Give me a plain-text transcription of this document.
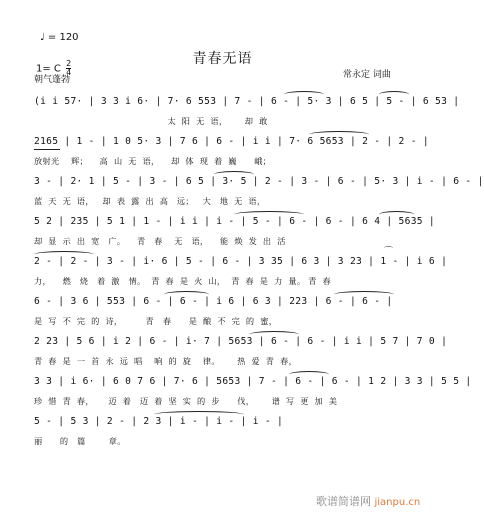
♩ = 120
青春无语
1= C $\frac{2}{4}$
朝气蓬勃	常永定 词曲
(i i 57· | 3 3 i 6· | 7· 6 553 | 7 - | 6 - | 5· 3 | 6 5 | 5 - | 6 53 |
太  阳  无  语，      却  敢
2165 | 1 - | 1 0 5· 3 | 7 6 | 6 - | i i | 7· 6 5653 | 2 - | 2 - |
放射光    辉；    高  山  无  语，    却  体  现  着  巍      峨；
3 - | 2· 1 | 5 - | 3 - | 6 5 | 3· 5 | 2 - | 3 - | 6 - | 5· 3 | i - | 6 - |
蓝  天  无  语，   却  表  露  出  高   远；   大   地  无  语，
5 2 | 235 | 5 1 | 1 - | i i | i - | 5 - | 6 - | 6 - | 6 4 | 5635 |
却  显  示  出  宽   广。    青   春    无   语，    能  焕  发  出  活
2 - | 2 - | 3 - | i· 6 | 5 - | 6 - | 3 35 | 6 3 | 3 23 | 1 - | i 6 |
力，    燃   烧   着  激   情。  青  春  是  火  山，  青  春  是  力  量。 青  春
⌒
6 - | 3 6 | 553 | 6 - | 6 - | i 6 | 6 3 | 223 | 6 - | 6 - |
是  写  不  完  的  诗，        青   春      是  酿  不  完  的  蜜，
2 23 | 5 6 | i 2 | 6 - | i· 7 | 5653 | 6 - | 6 - | i i | 5 7 | 7 0 |
青  春  是  一  首  永  远  唱    响  的  旋    律。      热  爱  青  春，
3 3 | i 6· | 6 0 7 6 | 7· 6 | 5653 | 7 - | 6 - | 6 - | 1 2 | 3 3 | 5 5 |
珍  惜  青  春，     迈  着   迈  着  坚  实  的  步      伐，      谱  写  更  加  美
5 - | 5 3 | 2 - | 2 3 | i - | i - | i - |
丽      的   篇        章。
歌谱简谱网 jianpu.cn
